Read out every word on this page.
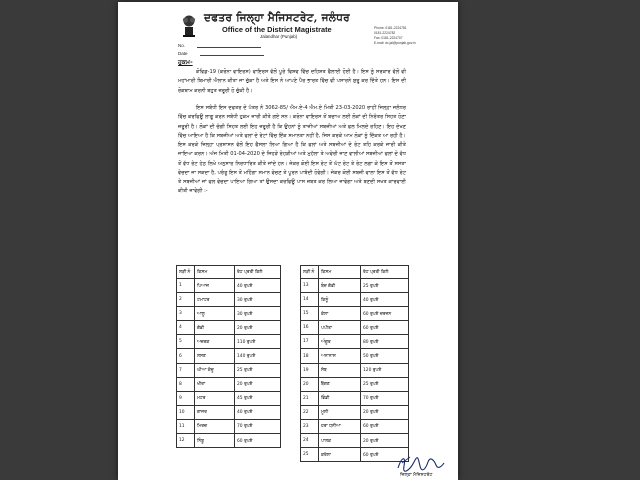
ਦਫਤਰ ਜਿਲ੍ਹਾ ਮੈਜਿਸਟਰੇਟ, ਜਲੰਧਰ
Office of the District Magistrate
Jalandhar (Punjab)
Phone: 0181-2224781
0181-2224782
Fax: 0181-2224707
E-mail: dc.jal@punjab.gov.in
No.
Date
ਹੁਕਮ-

ਕੋਵਿਡ-19 (ਕਰੋਨਾ ਵਾਇਰਸ) ਵਾਇਰਸ ਵੱਲੋਂ ਪੂਰੇ ਵਿਸ਼ਵ ਵਿੱਚ ਦਹਿਸ਼ਤ ਫੈਲਾਈ ਹੋਈ ਹੈ। ਇਸ ਨੂੰ ਸਰਕਾਰ ਵੱਲੋਂ ਵੀ ਮਹਾਂਮਾਰੀ ਬਿਮਾਰੀ ਐਲਾਨ ਕੀਤਾ ਜਾ ਚੁੱਕਾ ਹੈ ਅਤੇ ਇਸ ਨੇ ਆਪਣੇ ਪੈਰ ਭਾਰਤ ਵਿੱਚ ਵੀ ਪਸਾਰਨੇ ਸ਼ੁਰੂ ਕਰ ਦਿੱਤੇ ਹਨ। ਇਸ ਦੀ ਰੋਕਥਾਮ ਕਰਨੀ ਬਹੁਤ ਜ਼ਰੂਰੀ ਹੋ ਚੁੱਕੀ ਹੈ।

ਇਸ ਸਬੰਧੀ ਇਸ ਦਫਤਰ ਦੇ ਪੱਤਰ ਨੰ 3062-85/ ਐਮ.ਏ-4 ਐਮ.ਏ ਮਿਤੀ 23-03-2020 ਰਾਹੀਂ ਜਿਲ੍ਹਾ ਜਲੰਧਰ ਵਿੱਚ ਕਰਫਿਊ ਲਾਗੂ ਕਰਨ ਸਬੰਧੀ ਹੁਕਮ ਜਾਰੀ ਕੀਤੇ ਗਏ ਸਨ। ਕਰੋਨਾ ਵਾਇਰਸ ਤੋਂ ਬਚਾਅ ਲਈ ਲੋਕਾਂ ਦੀ ਨਿਰੰਤਰ ਸਿਹਤ ਹੋਣਾ ਜ਼ਰੂਰੀ ਹੈ। ਲੋਕਾਂ ਦੀ ਚੰਗੀ ਸਿਹਤ ਲਈ ਇਹ ਜ਼ਰੂਰੀ ਹੈ ਕਿ ਉਹਨਾਂ ਨੂੰ ਤਾਜ਼ੀਆਂ ਸਬਜ਼ੀਆਂ ਅਤੇ ਫਲ ਮਿਲਦੇ ਰਹਿਣ। ਇਹ ਦੇਖਣ ਵਿੱਚ ਆਇਆ ਹੈ ਕਿ ਸਬਜ਼ੀਆਂ ਅਤੇ ਫਲਾਂ ਦੇ ਰੇਟਾਂ ਵਿੱਚ ਇੱਕ ਸਮਾਨਤਾ ਨਹੀਂ ਹੈ, ਜਿਸ ਕਰਕੇ ਆਮ ਲੋਕਾਂ ਨੂੰ ਦਿੱਕਤ ਆ ਰਹੀ ਹੈ। ਇਸ ਕਰਕੇ ਜਿਲ੍ਹਾ ਪ੍ਰਸ਼ਾਸਨ ਵੱਲੋਂ ਇਹ ਫੈਸਲਾ ਲਿਆ ਗਿਆ ਹੈ ਕਿ ਫਲਾਂ ਅਤੇ ਸਬਜ਼ੀਆਂ ਦੇ ਰੇਟ ਤਹਿ ਕਰਕੇ ਜਾਰੀ ਕੀਤੇ ਜਾਇਆ ਕਰਨ। ਅੱਜ ਮਿਤੀ 01-04-2020 ਦੇ ਜਿਹੜੇ ਰੇਹੜੀਆਂ ਅਤੇ ਮੁਹੱਲਾ ਤੇ ਅਵੇਰੀ ਜਾਣ ਵਾਲੀਆਂ ਸਬਜ਼ੀਆਂ ਫਲਾਂ ਦੇ ਵੱਧ ਤੋਂ ਵੱਧ ਰੇਟ ਹੇਠ ਲਿਖੇ ਅਨੁਸਾਰ ਨਿਰਧਾਰਿਤ ਕੀਤੇ ਜਾਂਦੇ ਹਨ। ਜੇਕਰ ਕੋਈ ਇਸ ਰੇਟ ਤੋਂ ਘੱਟ ਰੇਟ ਤੇ ਰੇਟ ਲਗਾ ਕੇ ਇਸ ਤੋਂ ਸਸਤਾ ਵੇਚਦਾ ਜਾ ਸਕਦਾ ਹੈ, ਪਰੰਤੂ ਇਸ ਤੋਂ ਮਹਿੰਗਾ ਸਮਾਨ ਵੇਚਣ ਤੇ ਪੂਰਨ ਪਾਬੰਦੀ ਹੋਵੇਗੀ। ਜੇਕਰ ਕੋਈ ਸਬਜ਼ੀ ਵਾਲਾ ਇਸ ਤੋਂ ਵੱਧ ਰੇਟ ਤੇ ਸਬਜ਼ੀਆਂ ਜਾਂ ਫਲ ਵੇਚਦਾ ਪਾਇਆ ਗਿਆ ਤਾਂ ਉਸਦਾ ਕਰਫਿਊ ਪਾਸ ਜ਼ਬਤ ਕਰ ਲਿਆ ਜਾਵੇਗਾ ਅਤੇ ਬਣਦੀ ਸਖਤ ਕਾਰਵਾਈ ਕੀਤੀ ਜਾਵੇਗੀ :-

ਲੜੀ ਨੰ	ਕਿਸਮ	ਰੇਟ ਪ੍ਰਤੀ ਕਿਲੋ
1	ਪਿਆਜ਼	40 ਰੁਪਏ
2	ਟਮਾਟਰ	30 ਰੁਪਏ
3	ਆਲੂ	30 ਰੁਪਏ
4	ਗੋਭੀ	20 ਰੁਪਏ
5	ਅਦਰਕ	110 ਰੁਪਏ
6	ਲਸਣ	140 ਰੁਪਏ
7	ਘੀਆ ਕੱਦੂ	25 ਰੁਪਏ
8	ਖੀਰਾ	20 ਰੁਪਏ
9	ਮਟਰ	45 ਰੁਪਏ
10	ਗਾਜਰ	40 ਰੁਪਏ
11	ਮਿਰਚ	70 ਰੁਪਏ
12	ਨਿੰਬੂ	60 ਰੁਪਏ
ਲੜੀ ਨੰ	ਕਿਸਮ	ਰੇਟ ਪ੍ਰਤੀ ਕਿਲੋ
13	ਬੰਦ ਗੋਭੀ	25 ਰੁਪਏ
14	ਕਿਨੂੰ	40 ਰੁਪਏ
15	ਕੇਲਾ	60 ਰੁਪਏ ਦਰਜਨ
16	ਪਪੀਤਾ	60 ਰੁਪਏ
17	ਅੰਗੂਰ	80 ਰੁਪਏ
18	ਅਨਾਨਾਸ	50 ਰੁਪਏ
19	ਸੇਬ	120 ਰੁਪਏ
20	ਬੈਂਗਣ	25 ਰੁਪਏ
21	ਭਿੰਡੀ	70 ਰੁਪਏ
22	ਮੂਲੀ	20 ਰੁਪਏ
23	ਹਰਾ ਧਨੀਆ	60 ਰੁਪਏ
24	ਪਾਲਕ	20 ਰੁਪਏ
25	ਕਰੇਲਾ	60 ਰੁਪਏ
ਜਿਲ੍ਹਾ ਮੈਜਿਸਟਰੇਟ
